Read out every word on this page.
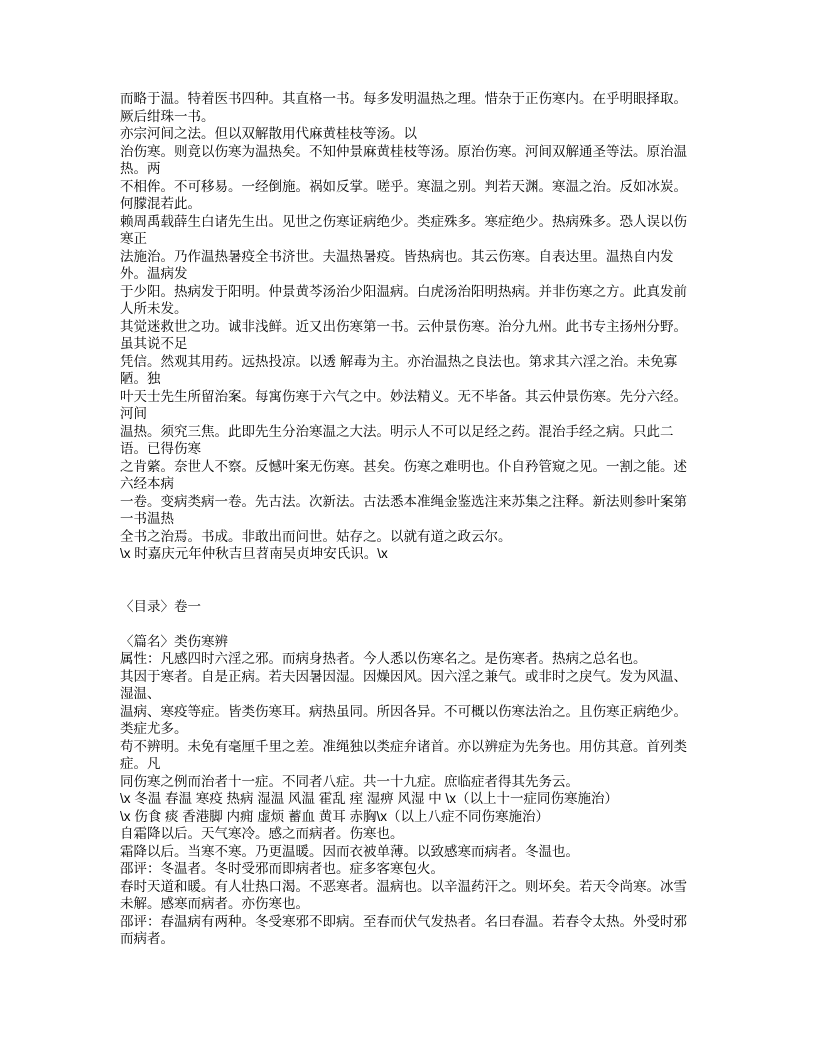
而略于温。特着医书四种。其直格一书。每多发明温热之理。惜杂于正伤寒内。在乎明眼择取。厥后绀珠一书。
亦宗河间之法。但以双解散用代麻黄桂枝等汤。以
治伤寒。则竟以伤寒为温热矣。不知仲景麻黄桂枝等汤。原治伤寒。河间双解通圣等法。原治温热。两
不相侔。不可移易。一经倒施。祸如反掌。嗟乎。寒温之别。判若天渊。寒温之治。反如冰炭。何朦混若此。
赖周禹载薛生白诸先生出。见世之伤寒证病绝少。类症殊多。寒症绝少。热病殊多。恐人误以伤寒正
法施治。乃作温热暑疫全书济世。夫温热暑疫。皆热病也。其云伤寒。自表达里。温热自内发外。温病发
于少阳。热病发于阳明。仲景黄芩汤治少阳温病。白虎汤治阳明热病。并非伤寒之方。此真发前人所未发。
其觉迷救世之功。诚非浅鲜。近又出伤寒第一书。云仲景伤寒。治分九州。此书专主扬州分野。虽其说不足
凭信。然观其用药。远热投凉。以透 解毒为主。亦治温热之良法也。第求其六淫之治。未免寡陋。独
叶天士先生所留治案。每寓伤寒于六气之中。妙法精义。无不毕备。其云仲景伤寒。先分六经。河间
温热。须究三焦。此即先生分治寒温之大法。明示人不可以足经之药。混治手经之病。只此二语。已得伤寒
之肯綮。奈世人不察。反憾叶案无伤寒。甚矣。伤寒之难明也。仆自矜管窥之见。一割之能。述六经本病
一卷。变病类病一卷。先古法。次新法。古法悉本准绳金鉴选注来苏集之注释。新法则参叶案第一书温热
全书之治焉。书成。非敢出而问世。姑存之。以就有道之政云尔。
\x 时嘉庆元年仲秋吉旦苕南吴贞坤安氏识。\x

〈目录〉卷一

〈篇名〉类伤寒辨
属性：凡感四时六淫之邪。而病身热者。今人悉以伤寒名之。是伤寒者。热病之总名也。
其因于寒者。自是正病。若夫因暑因湿。因燥因风。因六淫之兼气。或非时之戾气。发为风温、湿温、
温病、寒疫等症。皆类伤寒耳。病热虽同。所因各异。不可概以伤寒法治之。且伤寒正病绝少。类症尤多。
苟不辨明。未免有毫厘千里之差。准绳独以类症弁诸首。亦以辨症为先务也。用仿其意。首列类症。凡
同伤寒之例而治者十一症。不同者八症。共一十九症。庶临症者得其先务云。
\x 冬温 春温 寒疫 热病 湿温 风温 霍乱 痓 湿痹 风湿 中 \x（以上十一症同伤寒施治）
\x 伤食 痰 香港脚 内痈 虚烦 蓄血 黄耳 赤胸\x（以上八症不同伤寒施治）
自霜降以后。天气寒冷。感之而病者。伤寒也。
霜降以后。当寒不寒。乃更温暖。因而衣被单薄。以致感寒而病者。冬温也。
邵评：冬温者。冬时受邪而即病者也。症多客寒包火。
春时天道和暖。有人壮热口渴。不恶寒者。温病也。以辛温药汗之。则坏矣。若天令尚寒。冰雪未解。感寒而病者。亦伤寒也。
邵评：春温病有两种。冬受寒邪不即病。至春而伏气发热者。名曰春温。若春令太热。外受时邪而病者。
